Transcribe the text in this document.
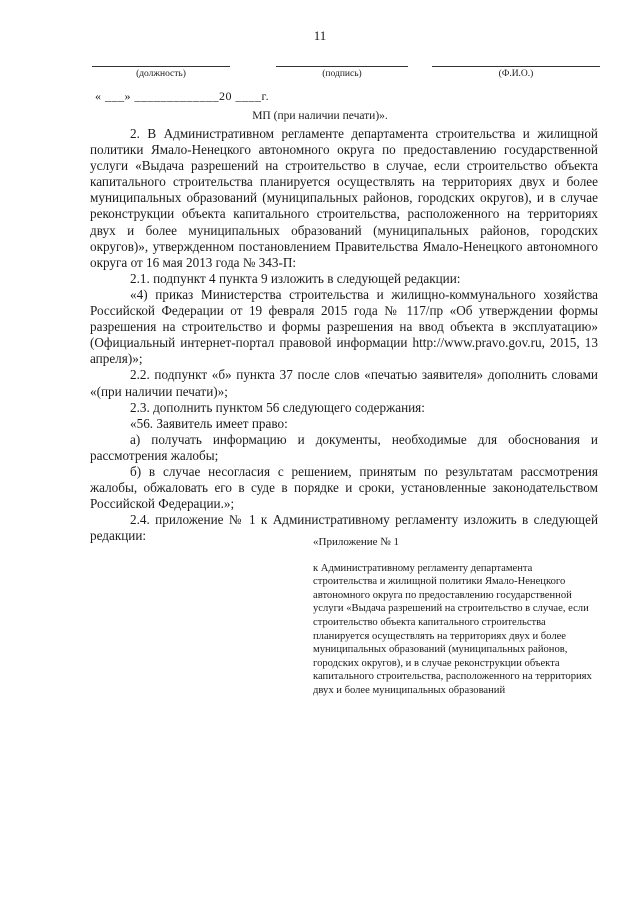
11
(должность)	(подпись)	(Ф.И.О.)
« ___» _____________20 ____г.
МП (при наличии печати)».

2. В Административном регламенте департамента строительства и жилищной политики Ямало-Ненецкого автономного округа по предоставлению государственной услуги «Выдача разрешений на строительство в случае, если строительство объекта капитального строительства планируется осуществлять на территориях двух и более муниципальных образований (муниципальных районов, городских округов), и в случае реконструкции объекта капитального строительства, расположенного на территориях двух и более муниципальных образований (муниципальных районов, городских округов)», утвержденном постановлением Правительства Ямало-Ненецкого автономного округа от 16 мая 2013 года № 343-П:

2.1. подпункт 4 пункта 9 изложить в следующей редакции:

«4) приказ Министерства строительства и жилищно-коммунального хозяйства Российской Федерации от 19 февраля 2015 года № 117/пр «Об утверждении формы разрешения на строительство и формы разрешения на ввод объекта в эксплуатацию» (Официальный интернет-портал правовой информации http://www.pravo.gov.ru, 2015, 13 апреля)»;

2.2. подпункт «б» пункта 37 после слов «печатью заявителя» дополнить словами «(при наличии печати)»;

2.3. дополнить пунктом 56 следующего содержания:

«56. Заявитель имеет право:

а) получать информацию и документы, необходимые для обоснования и рассмотрения жалобы;

б) в случае несогласия с решением, принятым по результатам рассмотрения жалобы, обжаловать его в суде в порядке и сроки, установленные законодательством Российской Федерации.»;

2.4. приложение № 1 к Административному регламенту изложить в следующей редакции:	«Приложение № 1

к Административному регламенту департамента строительства и жилищной политики Ямало-Ненецкого автономного округа по предоставлению государственной услуги «Выдача разрешений на строительство в случае, если строительство объекта капитального строительства планируется осуществлять на территориях двух и более муниципальных образований (муниципальных районов, городских округов), и в случае реконструкции объекта капитального строительства, расположенного на территориях двух и более муниципальных образований
